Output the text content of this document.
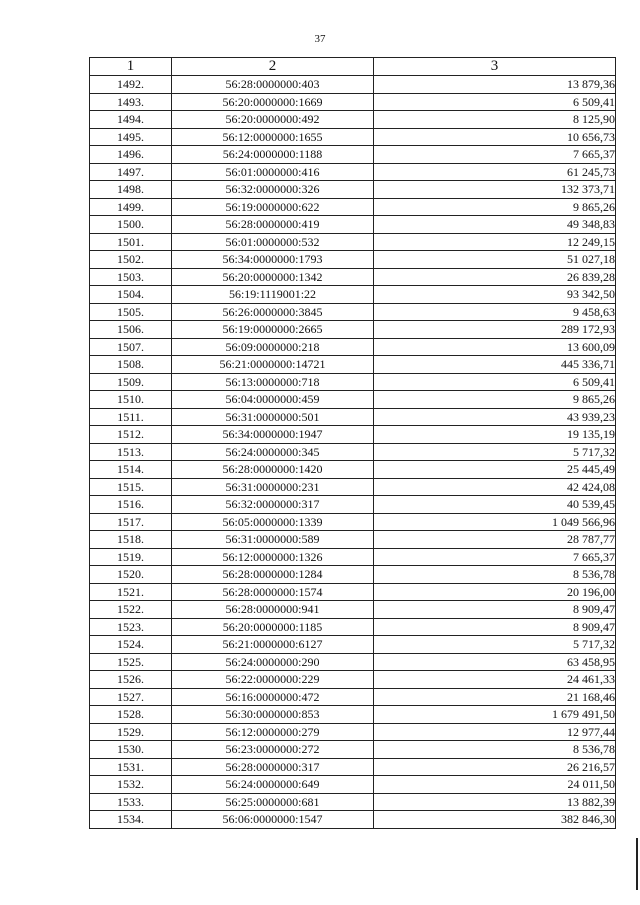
37
1	2	3
1492.	56:28:0000000:403	13 879,36
1493.	56:20:0000000:1669	6 509,41
1494.	56:20:0000000:492	8 125,90
1495.	56:12:0000000:1655	10 656,73
1496.	56:24:0000000:1188	7 665,37
1497.	56:01:0000000:416	61 245,73
1498.	56:32:0000000:326	132 373,71
1499.	56:19:0000000:622	9 865,26
1500.	56:28:0000000:419	49 348,83
1501.	56:01:0000000:532	12 249,15
1502.	56:34:0000000:1793	51 027,18
1503.	56:20:0000000:1342	26 839,28
1504.	56:19:1119001:22	93 342,50
1505.	56:26:0000000:3845	9 458,63
1506.	56:19:0000000:2665	289 172,93
1507.	56:09:0000000:218	13 600,09
1508.	56:21:0000000:14721	445 336,71
1509.	56:13:0000000:718	6 509,41
1510.	56:04:0000000:459	9 865,26
1511.	56:31:0000000:501	43 939,23
1512.	56:34:0000000:1947	19 135,19
1513.	56:24:0000000:345	5 717,32
1514.	56:28:0000000:1420	25 445,49
1515.	56:31:0000000:231	42 424,08
1516.	56:32:0000000:317	40 539,45
1517.	56:05:0000000:1339	1 049 566,96
1518.	56:31:0000000:589	28 787,77
1519.	56:12:0000000:1326	7 665,37
1520.	56:28:0000000:1284	8 536,78
1521.	56:28:0000000:1574	20 196,00
1522.	56:28:0000000:941	8 909,47
1523.	56:20:0000000:1185	8 909,47
1524.	56:21:0000000:6127	5 717,32
1525.	56:24:0000000:290	63 458,95
1526.	56:22:0000000:229	24 461,33
1527.	56:16:0000000:472	21 168,46
1528.	56:30:0000000:853	1 679 491,50
1529.	56:12:0000000:279	12 977,44
1530.	56:23:0000000:272	8 536,78
1531.	56:28:0000000:317	26 216,57
1532.	56:24:0000000:649	24 011,50
1533.	56:25:0000000:681	13 882,39
1534.	56:06:0000000:1547	382 846,30
